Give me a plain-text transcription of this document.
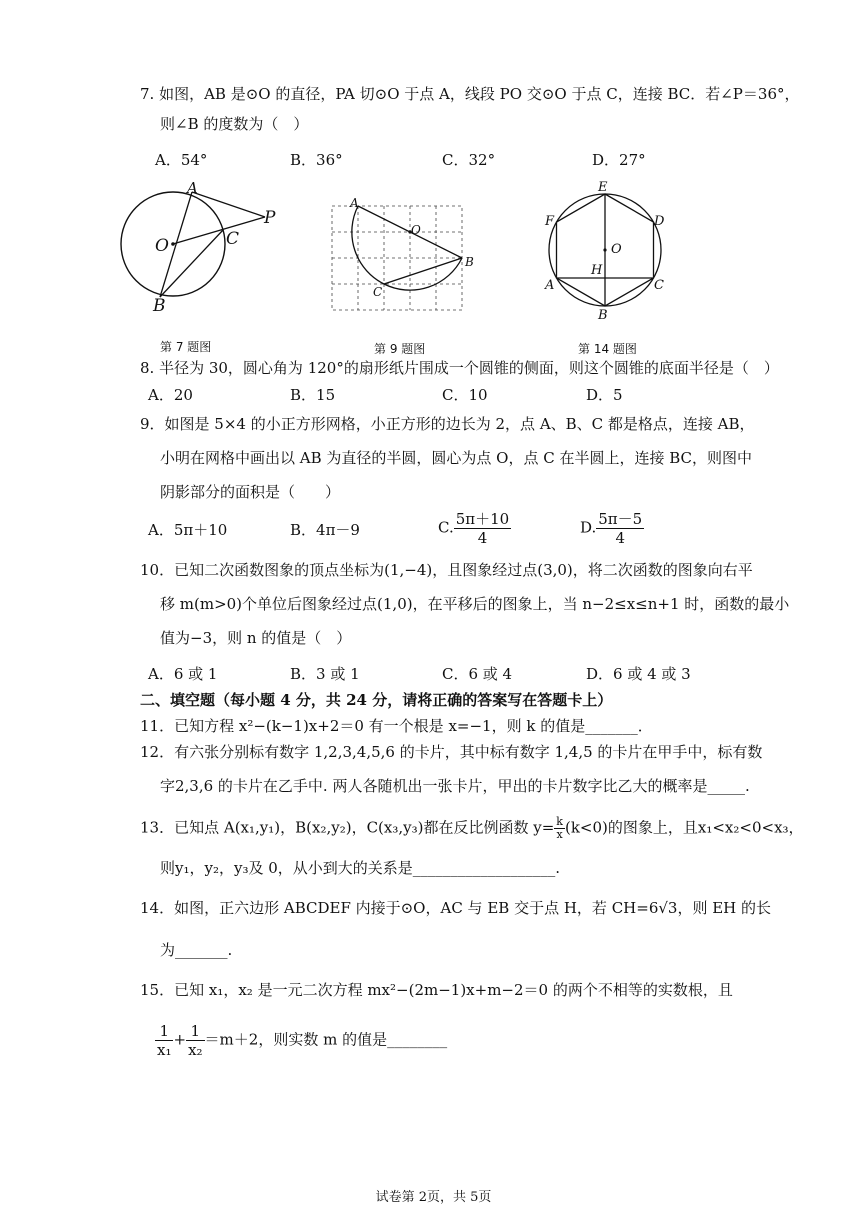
7. 如图，AB 是⊙O 的直径，PA 切⊙O 于点 A，线段 PO 交⊙O 于点 C，连接 BC．若∠P＝36°，
则∠B 的度数为（　）
A．54°	B．36°	C．32°	D．27°
A
O	C
P
B
第 7 题图
A
O
B
C
第 9 题图
E
F	D
O
H
A	C
B
第 14 题图
8. 半径为 30，圆心角为 120°的扇形纸片围成一个圆锥的侧面，则这个圆锥的底面半径是（　）
A．20	B．15	C．10	D．5
9．如图是 5×4 的小正方形网格，小正方形的边长为 2，点 A、B、C 都是格点，连接 AB，
小明在网格中画出以 AB 为直径的半圆，圆心为点 O，点 C 在半圆上，连接 BC，则图中
阴影部分的面积是（　　）
A．5π＋10	B．4π－9	C. $\frac{5\pi+10}{4}$	D. $\frac{5\pi-5}{4}$
10．已知二次函数图象的顶点坐标为(1,−4)，且图象经过点(3,0)，将二次函数的图象向右平
移 m(m>0)个单位后图象经过点(1,0)，在平移后的图象上，当 n−2≤x≤n+1 时，函数的最小
值为−3，则 n 的值是（　）
A．6 或 1	B．3 或 1	C．6 或 4	D．6 或 4 或 3
二、填空题（每小题 4 分，共 24 分，请将正确的答案写在答题卡上）
11．已知方程 x²−(k−1)x+2＝0 有一个根是 x=−1，则 k 的值是_______．
12．有六张分别标有数字 1,2,3,4,5,6 的卡片，其中标有数字 1,4,5 的卡片在甲手中，标有数
字2,3,6 的卡片在乙手中. 两人各随机出一张卡片，甲出的卡片数字比乙大的概率是_____.
13．已知点 A(x₁,y₁)，B(x₂,y₂)，C(x₃,y₃)都在反比例函数 $y= \frac{k}{x} (k<0)$的图象上，且x₁<x₂<0<x₃，
则y₁，y₂，y₃及 0，从小到大的关系是___________________.
14．如图，正六边形 ABCDEF 内接于⊙O，AC 与 EB 交于点 H，若 CH=6√3，则 EH 的长
为_______.
15．已知 x₁，x₂ 是一元二次方程 mx²−(2m−1)x+m−2＝0 的两个不相等的实数根，且
$\frac{1}{\text{x₁}} + \frac{1}{\text{x₂}} =m+2$，则实数 m 的值是________
试卷第 2页，共 5页
